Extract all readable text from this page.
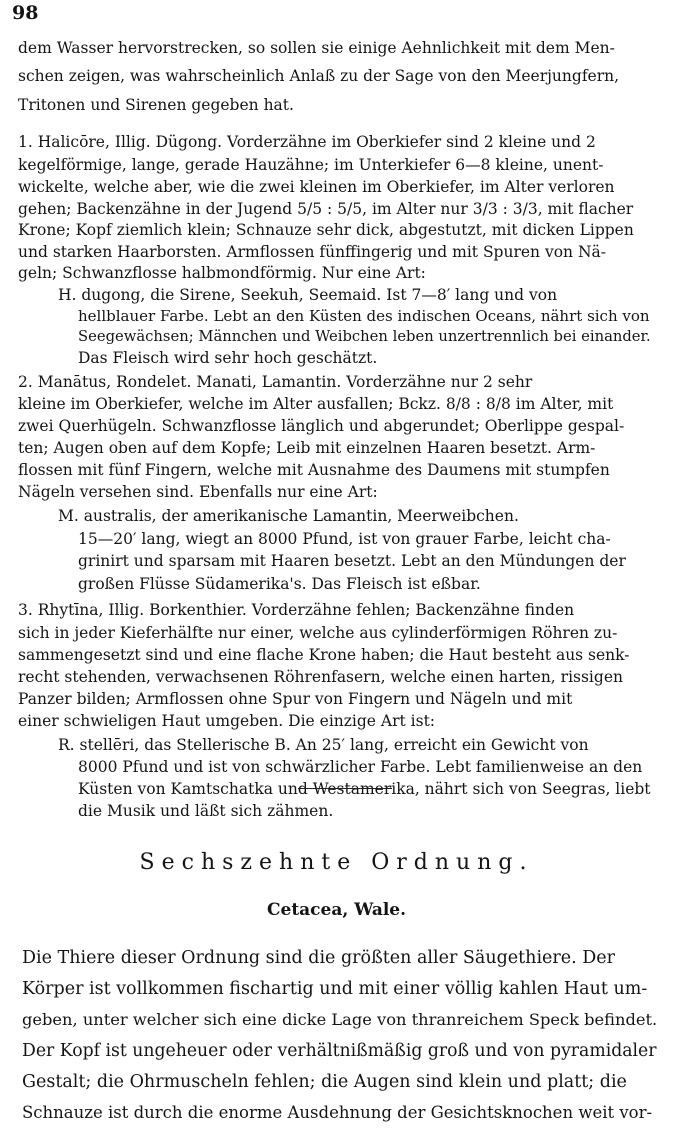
98
dem Wasser hervorstrecken, so sollen sie einige Aehnlichkeit mit dem Men-
schen zeigen, was wahrscheinlich Anlaß zu der Sage von den Meerjungfern,
Tritonen und Sirenen gegeben hat.
1. Halicōre, Illig. Dügong. Vorderzähne im Oberkiefer sind 2 kleine und 2
kegelförmige, lange, gerade Hauzähne; im Unterkiefer 6—8 kleine, unent-
wickelte, welche aber, wie die zwei kleinen im Oberkiefer, im Alter verloren
gehen; Backenzähne in der Jugend 5/5 : 5/5, im Alter nur 3/3 : 3/3, mit flacher
Krone; Kopf ziemlich klein; Schnauze sehr dick, abgestutzt, mit dicken Lippen
und starken Haarborsten. Armflossen fünffingerig und mit Spuren von Nä-
geln; Schwanzflosse halbmondförmig. Nur eine Art:
H. dugong, die Sirene, Seekuh, Seemaid. Ist 7—8′ lang und von
hellblauer Farbe. Lebt an den Küsten des indischen Oceans, nährt sich von
Seegewächsen; Männchen und Weibchen leben unzertrennlich bei einander.
Das Fleisch wird sehr hoch geschätzt.
2. Manātus, Rondelet. Manati, Lamantin. Vorderzähne nur 2 sehr
kleine im Oberkiefer, welche im Alter ausfallen; Bckz. 8/8 : 8/8 im Alter, mit
zwei Querhügeln. Schwanzflosse länglich und abgerundet; Oberlippe gespal-
ten; Augen oben auf dem Kopfe; Leib mit einzelnen Haaren besetzt. Arm-
flossen mit fünf Fingern, welche mit Ausnahme des Daumens mit stumpfen
Nägeln versehen sind. Ebenfalls nur eine Art:
M. australis, der amerikanische Lamantin, Meerweibchen.
15—20′ lang, wiegt an 8000 Pfund, ist von grauer Farbe, leicht cha-
grinirt und sparsam mit Haaren besetzt. Lebt an den Mündungen der
großen Flüsse Südamerika's. Das Fleisch ist eßbar.
3. Rhytīna, Illig. Borkenthier. Vorderzähne fehlen; Backenzähne finden
sich in jeder Kieferhälfte nur einer, welche aus cylinderförmigen Röhren zu-
sammengesetzt sind und eine flache Krone haben; die Haut besteht aus senk-
recht stehenden, verwachsenen Röhrenfasern, welche einen harten, rissigen
Panzer bilden; Armflossen ohne Spur von Fingern und Nägeln und mit
einer schwieligen Haut umgeben. Die einzige Art ist:
R. stellēri, das Stellerische B. An 25′ lang, erreicht ein Gewicht von
8000 Pfund und ist von schwärzlicher Farbe. Lebt familienweise an den
Küsten von Kamtschatka und Westamerika, nährt sich von Seegras, liebt
die Musik und läßt sich zähmen.
Sechszehnte Ordnung.
Cetacea, Wale.
Die Thiere dieser Ordnung sind die größten aller Säugethiere. Der
Körper ist vollkommen fischartig und mit einer völlig kahlen Haut um-
geben, unter welcher sich eine dicke Lage von thranreichem Speck befindet.
Der Kopf ist ungeheuer oder verhältnißmäßig groß und von pyramidaler
Gestalt; die Ohrmuscheln fehlen; die Augen sind klein und platt; die
Schnauze ist durch die enorme Ausdehnung der Gesichtsknochen weit vor-
